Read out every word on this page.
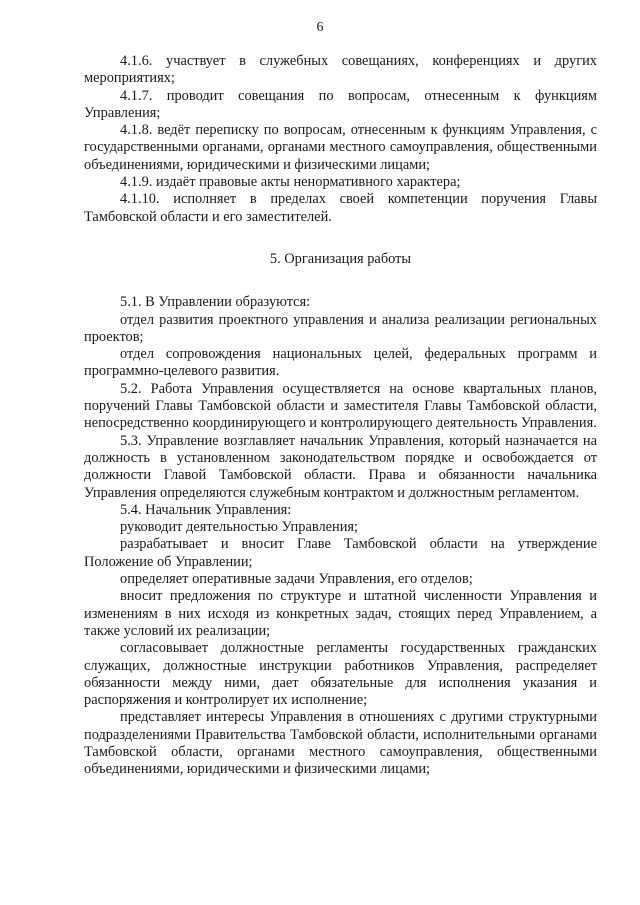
6

4.1.6. участвует в служебных совещаниях, конференциях и других мероприятиях;

4.1.7. проводит совещания по вопросам, отнесенным к функциям Управления;

4.1.8. ведёт переписку по вопросам, отнесенным к функциям Управления, с государственными органами, органами местного самоуправления, общественными объединениями, юридическими и физическими лицами;

4.1.9. издаёт правовые акты ненормативного характера;

4.1.10. исполняет в пределах своей компетенции поручения Главы Тамбовской области и его заместителей.

5. Организация работы

5.1. В Управлении образуются:

отдел развития проектного управления и анализа реализации региональных проектов;

отдел сопровождения национальных целей, федеральных программ и программно-целевого развития.

5.2. Работа Управления осуществляется на основе квартальных планов, поручений Главы Тамбовской области и заместителя Главы Тамбовской области, непосредственно координирующего и контролирующего деятельность Управления.

5.3. Управление возглавляет начальник Управления, который назначается на должность в установленном законодательством порядке и освобождается от должности Главой Тамбовской области. Права и обязанности начальника Управления определяются служебным контрактом и должностным регламентом.

5.4. Начальник Управления:

руководит деятельностью Управления;

разрабатывает и вносит Главе Тамбовской области на утверждение Положение об Управлении;

определяет оперативные задачи Управления, его отделов;

вносит предложения по структуре и штатной численности Управления и изменениям в них исходя из конкретных задач, стоящих перед Управлением, а также условий их реализации;

согласовывает должностные регламенты государственных гражданских служащих, должностные инструкции работников Управления, распределяет обязанности между ними, дает обязательные для исполнения указания и распоряжения и контролирует их исполнение;

представляет интересы Управления в отношениях с другими структурными подразделениями Правительства Тамбовской области, исполнительными органами Тамбовской области, органами местного самоуправления, общественными объединениями, юридическими и физическими лицами;
